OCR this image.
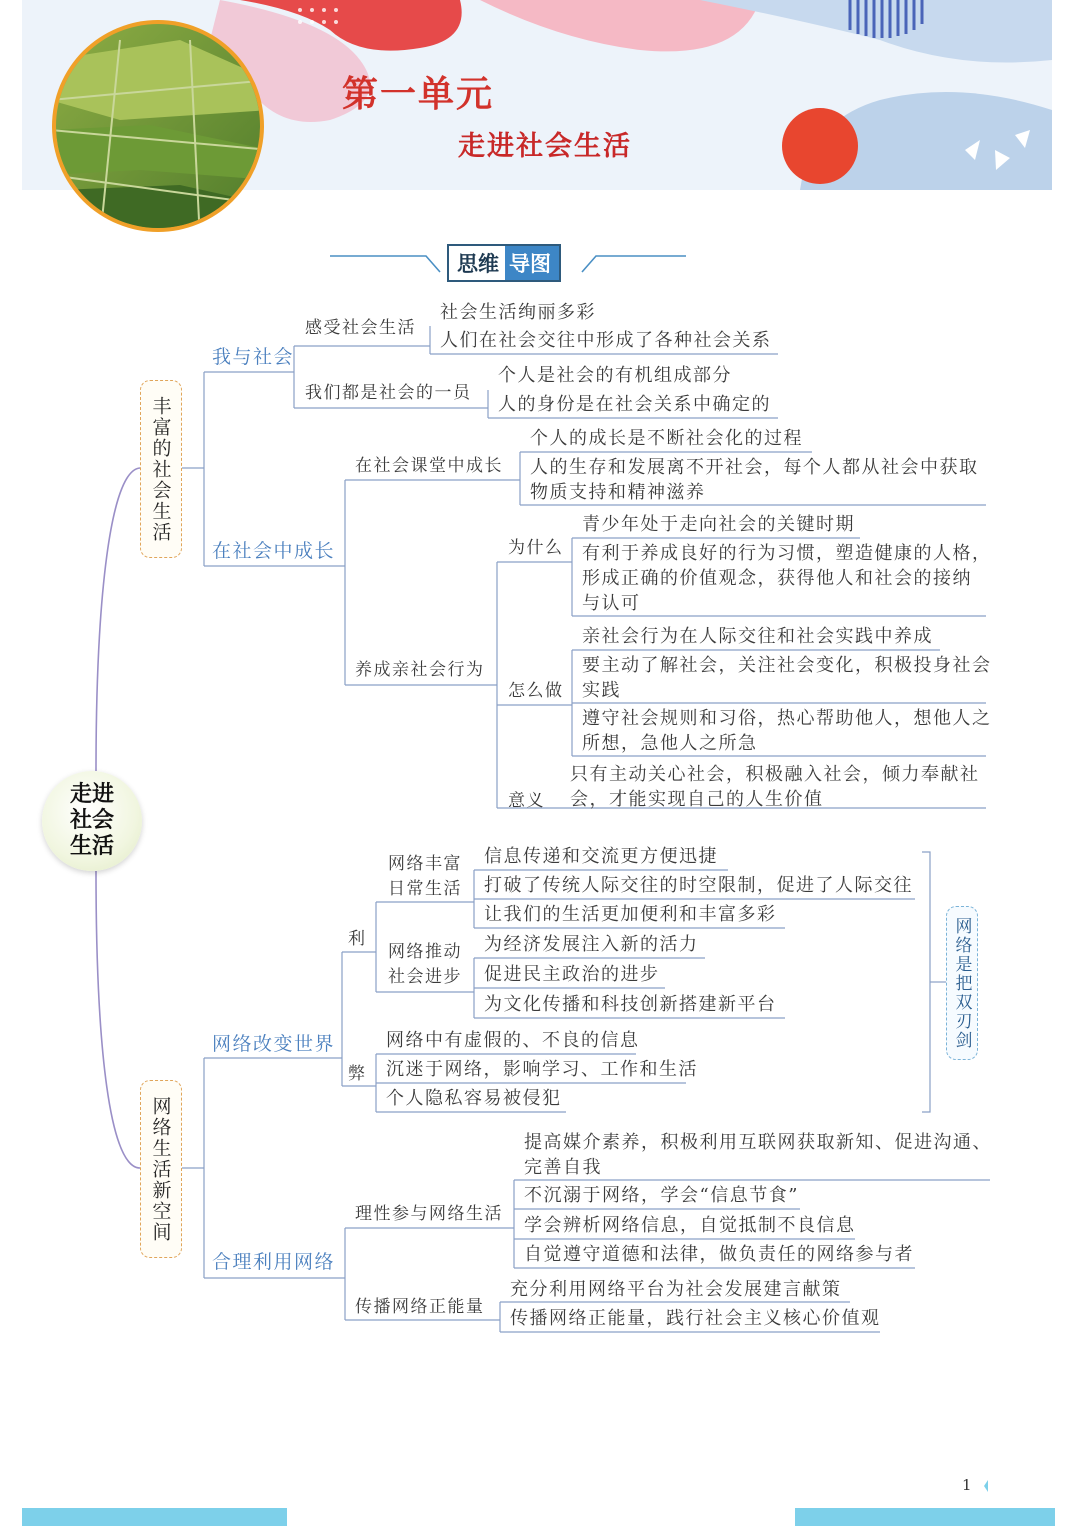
第一单元
走进社会生活
思维 导图
走进社会生活
丰富的社会生活
网络生活新空间
网络是把双刃剑
我与社会
感受社会生活
社会生活绚丽多彩
人们在社会交往中形成了各种社会关系
我们都是社会的一员
个人是社会的有机组成部分
人的身份是在社会关系中确定的
在社会中成长
在社会课堂中成长
个人的成长是不断社会化的过程
人的生存和发展离不开社会，每个人都从社会中获取
物质支持和精神滋养
养成亲社会行为
为什么
青少年处于走向社会的关键时期
有利于养成良好的行为习惯，塑造健康的人格，
形成正确的价值观念，获得他人和社会的接纳
与认可
怎么做
亲社会行为在人际交往和社会实践中养成
要主动了解社会，关注社会变化，积极投身社会
实践
遵守社会规则和习俗，热心帮助他人，想他人之
所想，急他人之所急
意义
只有主动关心社会，积极融入社会，倾力奉献社
会，才能实现自己的人生价值
网络改变世界
利
网络丰富
日常生活
信息传递和交流更方便迅捷
打破了传统人际交往的时空限制，促进了人际交往
让我们的生活更加便利和丰富多彩
网络推动
社会进步
为经济发展注入新的活力
促进民主政治的进步
为文化传播和科技创新搭建新平台
弊
网络中有虚假的、不良的信息
沉迷于网络，影响学习、工作和生活
个人隐私容易被侵犯
合理利用网络
理性参与网络生活
提高媒介素养，积极利用互联网获取新知、促进沟通、
完善自我
不沉溺于网络，学会“信息节食”
学会辨析网络信息，自觉抵制不良信息
自觉遵守道德和法律，做负责任的网络参与者
传播网络正能量
充分利用网络平台为社会发展建言献策
传播网络正能量，践行社会主义核心价值观
1
